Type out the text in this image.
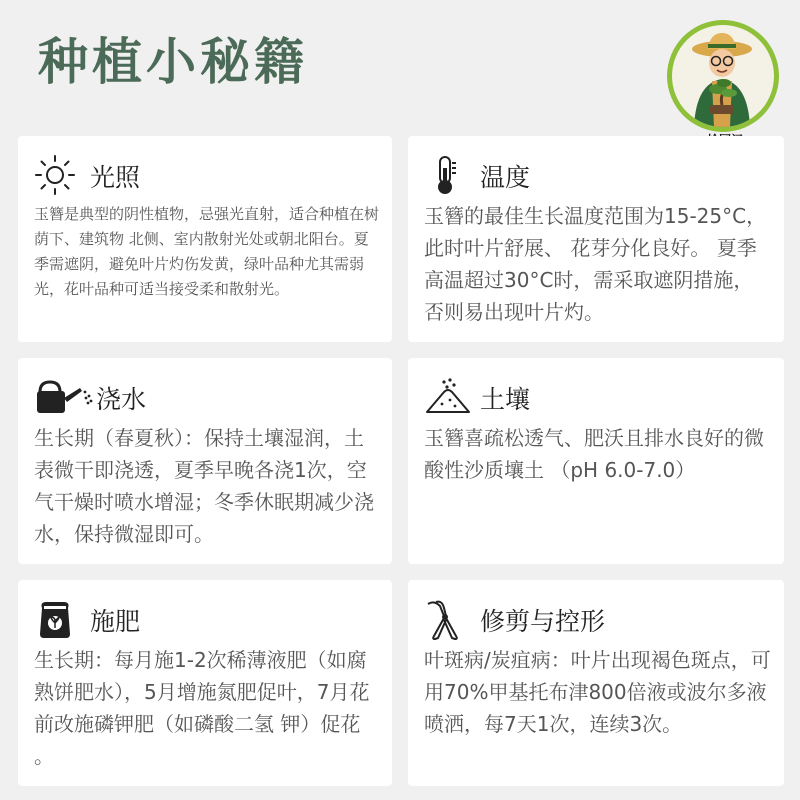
种植小秘籍
光照
玉簪是典型的阴性植物，忌强光直射，适合种植在树荫下、建筑物 北侧、室内散射光处或朝北阳台。夏季需遮阴，避免叶片灼伤发黄，绿叶品种尤其需弱光，花叶品种可适当接受柔和散射光。
温度
玉簪的最佳生长温度范围为15-25°C，此时叶片舒展、 花芽分化良好。 夏季高温超过30°C时，需采取遮阴措施，否则易出现叶片灼。
浇水
生长期（春夏秋）：保持土壤湿润，土表微干即浇透，夏季早晚各浇1次，空气干燥时喷水增湿；冬季休眠期减少浇水，保持微湿即可。
土壤
玉簪喜疏松透气、肥沃且排水良好的微酸性沙质壤土 （pH 6.0-7.0）
施肥
生长期：每月施1-2次稀薄液肥（如腐熟饼肥水），5月增施氮肥促叶，7月花前改施磷钾肥（如磷酸二氢 钾）促花 。
修剪与控形
叶斑病/炭疽病：叶片出现褐色斑点，可用70%甲基托布津800倍液或波尔多液喷洒，每7天1次，连续3次。
